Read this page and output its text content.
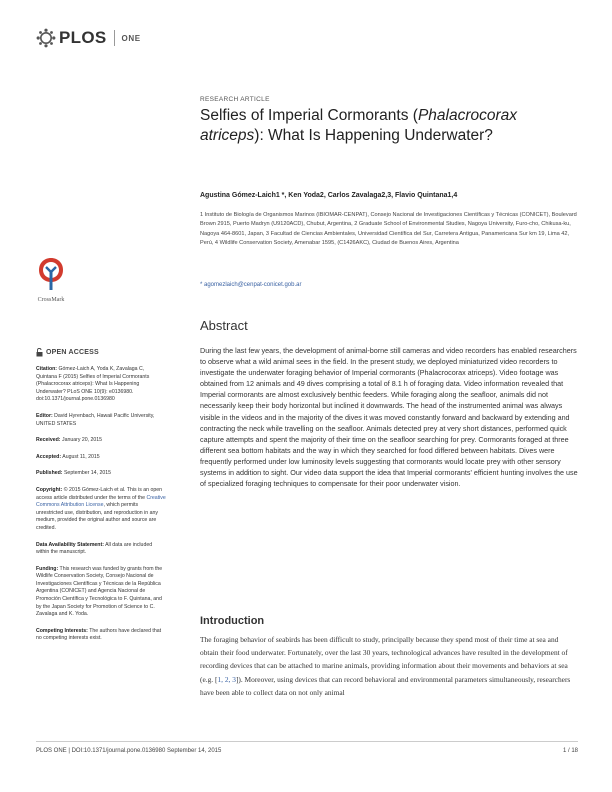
PLOS ONE
CrossMark
OPEN ACCESS

Citation: Gómez-Laich A, Yoda K, Zavalaga C, Quintana F (2015) Selfies of Imperial Cormorants (Phalacrocorax atriceps): What Is Happening Underwater? PLoS ONE 10(9): e0136980. doi:10.1371/journal.pone.0136980

Editor: David Hyrenbach, Hawaii Pacific University, UNITED STATES

Received: January 20, 2015

Accepted: August 11, 2015

Published: September 14, 2015

Copyright: © 2015 Gómez-Laich et al. This is an open access article distributed under the terms of the Creative Commons Attribution License, which permits unrestricted use, distribution, and reproduction in any medium, provided the original author and source are credited.

Data Availability Statement: All data are included within the manuscript.

Funding: This research was funded by grants from the Wildlife Conservation Society, Consejo Nacional de Investigaciones Científicas y Técnicas de la República Argentina (CONICET) and Agencia Nacional de Promoción Científica y Tecnológica to F. Quintana, and by the Japan Society for Promotion of Science to C. Zavalaga and K. Yoda.

Competing Interests: The authors have declared that no competing interests exist.

RESEARCH ARTICLE
Selfies of Imperial Cormorants (Phalacrocorax atriceps): What Is Happening Underwater?
Agustina Gómez-Laich1 *, Ken Yoda2, Carlos Zavalaga2,3, Flavio Quintana1,4
1 Instituto de Biología de Organismos Marinos (IBIOMAR-CENPAT), Consejo Nacional de Investigaciones Científicas y Técnicas (CONICET), Boulevard Brown 2915, Puerto Madryn (U9120ACD), Chubut, Argentina, 2 Graduate School of Environmental Studies, Nagoya University, Furo-cho, Chikusa-ku, Nagoya 464-8601, Japan, 3 Facultad de Ciencias Ambientales, Universidad Científica del Sur, Carretera Antigua, Panamericana Sur km 19, Lima 42, Perú, 4 Wildlife Conservation Society, Amenabar 1595, (C1426AKC), Ciudad de Buenos Aires, Argentina
* agomezlaich@cenpat-conicet.gob.ar
Abstract

During the last few years, the development of animal-borne still cameras and video recorders has enabled researchers to observe what a wild animal sees in the field. In the present study, we deployed miniaturized video recorders to investigate the underwater foraging behavior of Imperial cormorants (Phalacrocorax atriceps). Video footage was obtained from 12 animals and 49 dives comprising a total of 8.1 h of foraging data. Video information revealed that Imperial cormorants are almost exclusively benthic feeders. While foraging along the seafloor, animals did not necessarily keep their body horizontal but inclined it downwards. The head of the instrumented animal was always visible in the videos and in the majority of the dives it was moved constantly forward and backward by extending and contracting the neck while travelling on the seafloor. Animals detected prey at very short distances, performed quick capture attempts and spent the majority of their time on the seafloor searching for prey. Cormorants foraged at three different sea bottom habitats and the way in which they searched for food differed between habitats. Dives were frequently performed under low luminosity levels suggesting that cormorants would locate prey with other sensory systems in addition to sight. Our video data support the idea that Imperial cormorants' efficient hunting involves the use of specialized foraging techniques to compensate for their poor underwater vision.

Introduction

The foraging behavior of seabirds has been difficult to study, principally because they spend most of their time at sea and obtain their food underwater. Fortunately, over the last 30 years, technological advances have resulted in the development of recording devices that can be attached to marine animals, providing information about their movements and behaviors at sea (e.g. [1, 2, 3]). Moreover, using devices that can record behavioral and environmental parameters simultaneously, researchers have been able to collect data on not only animal

PLOS ONE | DOI:10.1371/journal.pone.0136980 September 14, 2015	1 / 18
